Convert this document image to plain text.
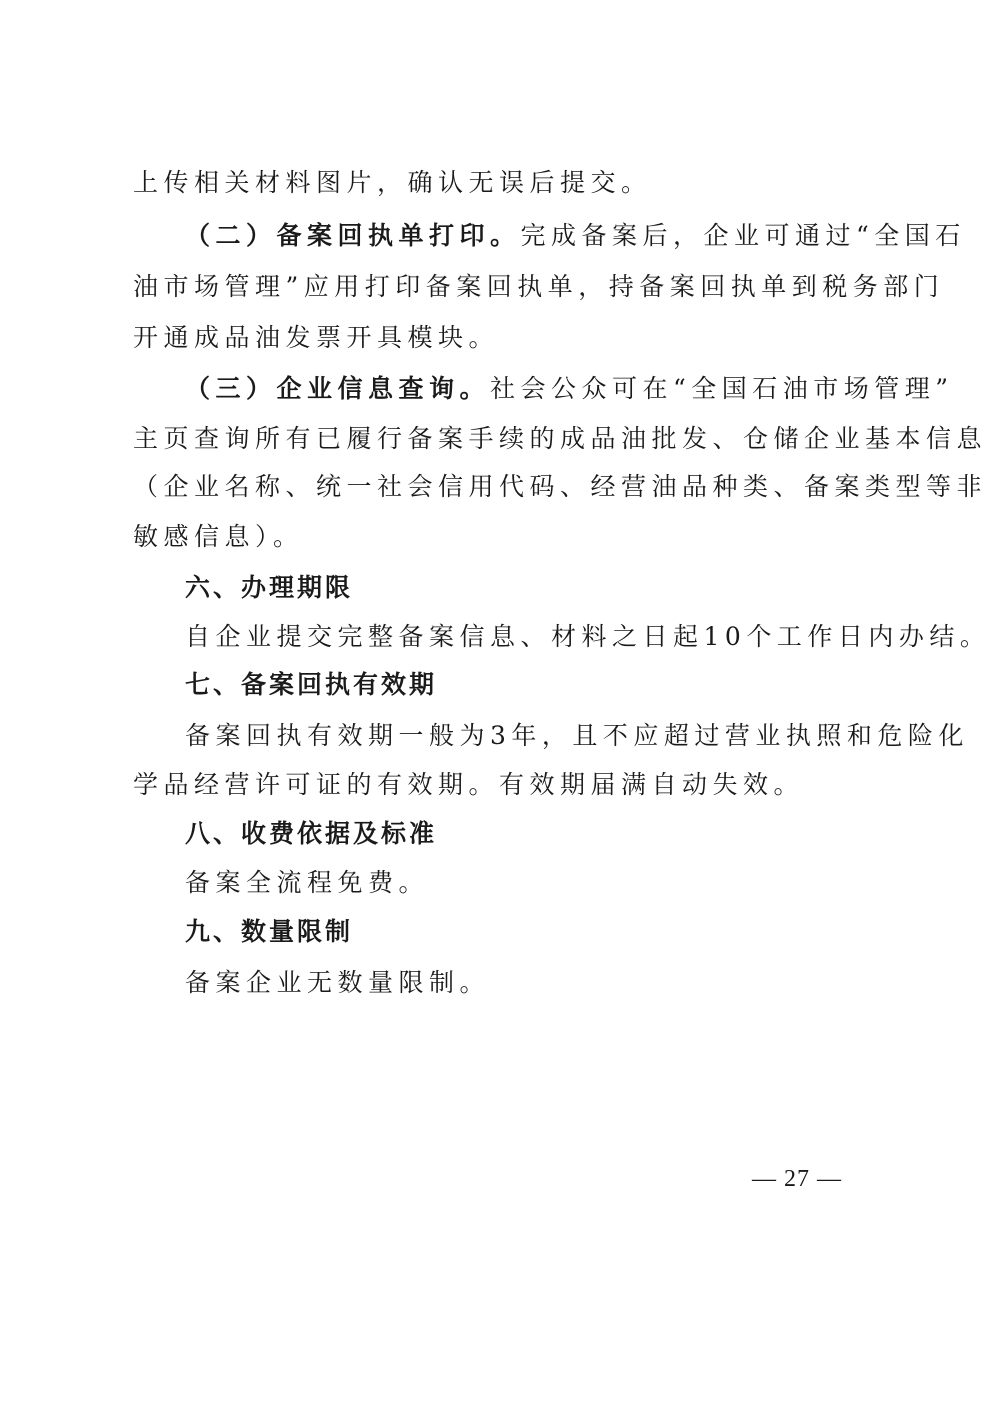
上传相关材料图片，确认无误后提交。
（二）备案回执单打印。完成备案后，企业可通过“全国石
油市场管理”应用打印备案回执单，持备案回执单到税务部门
开通成品油发票开具模块。
（三）企业信息查询。社会公众可在“全国石油市场管理”
主页查询所有已履行备案手续的成品油批发、仓储企业基本信息
（企业名称、统一社会信用代码、经营油品种类、备案类型等非
敏感信息）。
六、办理期限
自企业提交完整备案信息、材料之日起10个工作日内办结。
七、备案回执有效期
备案回执有效期一般为3年，且不应超过营业执照和危险化
学品经营许可证的有效期。有效期届满自动失效。
八、收费依据及标准
备案全流程免费。
九、数量限制
备案企业无数量限制。
— 27 —
